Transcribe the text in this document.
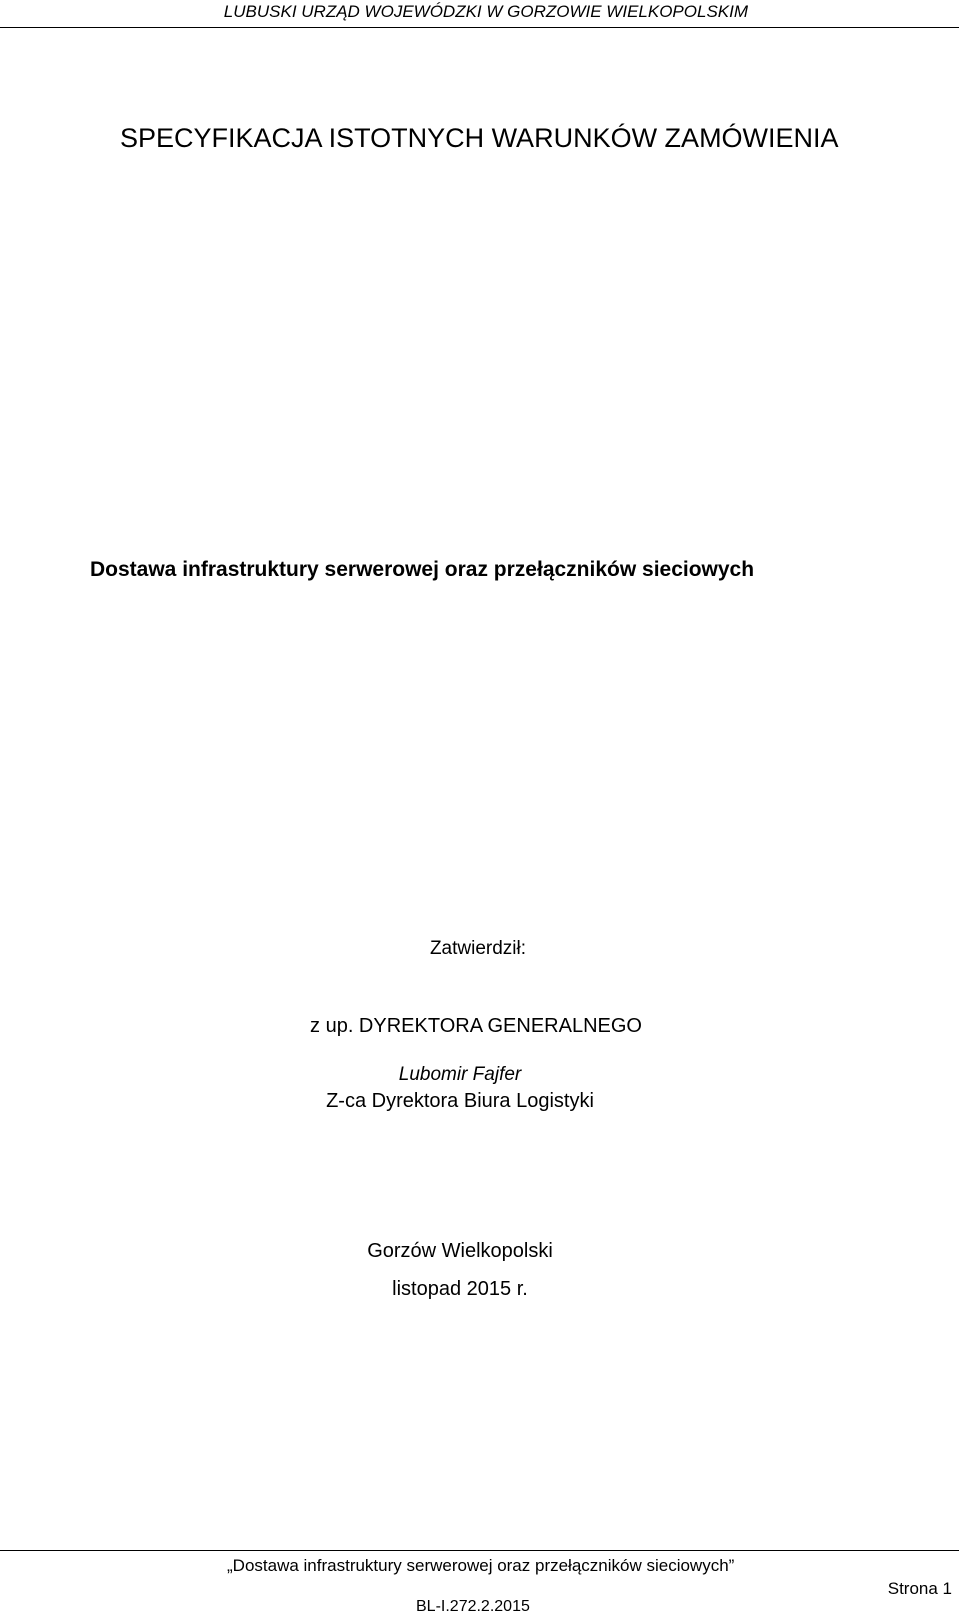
LUBUSKI URZĄD WOJEWÓDZKI W GORZOWIE WIELKOPOLSKIM
SPECYFIKACJA ISTOTNYCH WARUNKÓW ZAMÓWIENIA
Dostawa infrastruktury serwerowej oraz przełączników sieciowych
Zatwierdził:
z up. DYREKTORA GENERALNEGO
Lubomir Fajfer
Z-ca Dyrektora Biura Logistyki
Gorzów Wielkopolski
listopad 2015 r.
„Dostawa infrastruktury serwerowej oraz przełączników sieciowych”
Strona 1
BL-I.272.2.2015
